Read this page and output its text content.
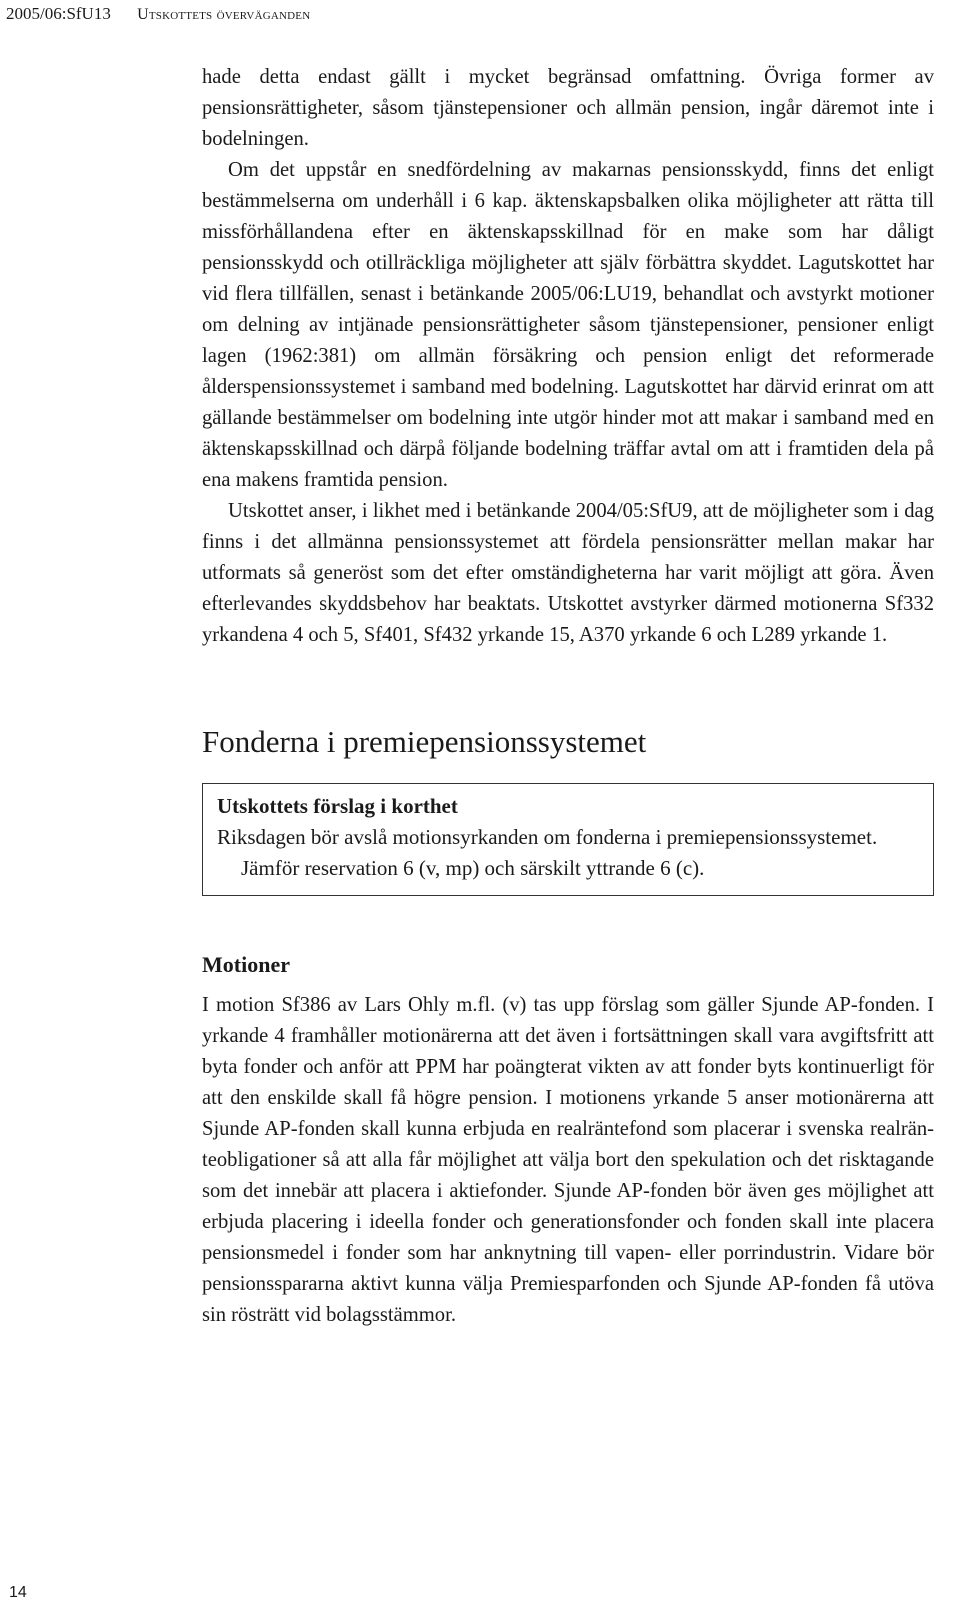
2005/06:SfU13 Utskottets överväganden

hade detta endast gällt i mycket begränsad omfattning. Övriga former av pensionsrättigheter, såsom tjänstepensioner och allmän pension, ingår däremot inte i bodelningen.

Om det uppstår en snedfördelning av makarnas pensionsskydd, finns det enligt bestämmelserna om underhåll i 6 kap. äktenskapsbalken olika möjligheter att rätta till missförhållandena efter en äktenskapsskillnad för en make som har dåligt pensionsskydd och otillräckliga möjligheter att själv förbättra skyddet. Lagutskottet har vid flera tillfällen, senast i betänkande 2005/06:LU19, behandlat och avstyrkt motioner om delning av intjänade pensionsrättigheter såsom tjänstepensioner, pensioner enligt lagen (1962:381) om allmän försäkring och pension enligt det reformerade ålderspensionssystemet i samband med bodelning. Lagutskottet har därvid erinrat om att gällande bestämmelser om bodelning inte utgör hinder mot att makar i samband med en äktenskapsskillnad och därpå följande bodelning träffar avtal om att i framtiden dela på ena makens framtida pension.

Utskottet anser, i likhet med i betänkande 2004/05:SfU9, att de möjligheter som i dag finns i det allmänna pensionssystemet att fördela pensionsrätter mellan makar har utformats så generöst som det efter omständigheterna har varit möjligt att göra. Även efterlevandes skyddsbehov har beaktats. Utskottet avstyrker därmed motionerna Sf332 yrkandena 4 och 5, Sf401, Sf432 yrkande 15, A370 yrkande 6 och L289 yrkande 1.

Fonderna i premiepensionssystemet
Utskottets förslag i korthet
Riksdagen bör avslå motionsyrkanden om fonderna i premiepensionssystemet.
Jämför reservation 6 (v, mp) och särskilt yttrande 6 (c).
Motioner

I motion Sf386 av Lars Ohly m.fl. (v) tas upp förslag som gäller Sjunde AP-fonden. I yrkande 4 framhåller motionärerna att det även i fortsättningen skall vara avgiftsfritt att byta fonder och anför att PPM har poängterat vikten av att fonder byts kontinuerligt för att den enskilde skall få högre pension. I motionens yrkande 5 anser motionärerna att Sjunde AP-fonden skall kunna erbjuda en realräntefond som placerar i svenska realränteobligationer så att alla får möjlighet att välja bort den spekulation och det risktagande som det innebär att placera i aktiefonder. Sjunde AP-fonden bör även ges möjlighet att erbjuda placering i ideella fonder och generationsfonder och fonden skall inte placera pensionsmedel i fonder som har anknytning till vapen- eller porrindustrin. Vidare bör pensionsspararna aktivt kunna välja Premiesparfonden och Sjunde AP-fonden få utöva sin rösträtt vid bolagsstämmor.

14
